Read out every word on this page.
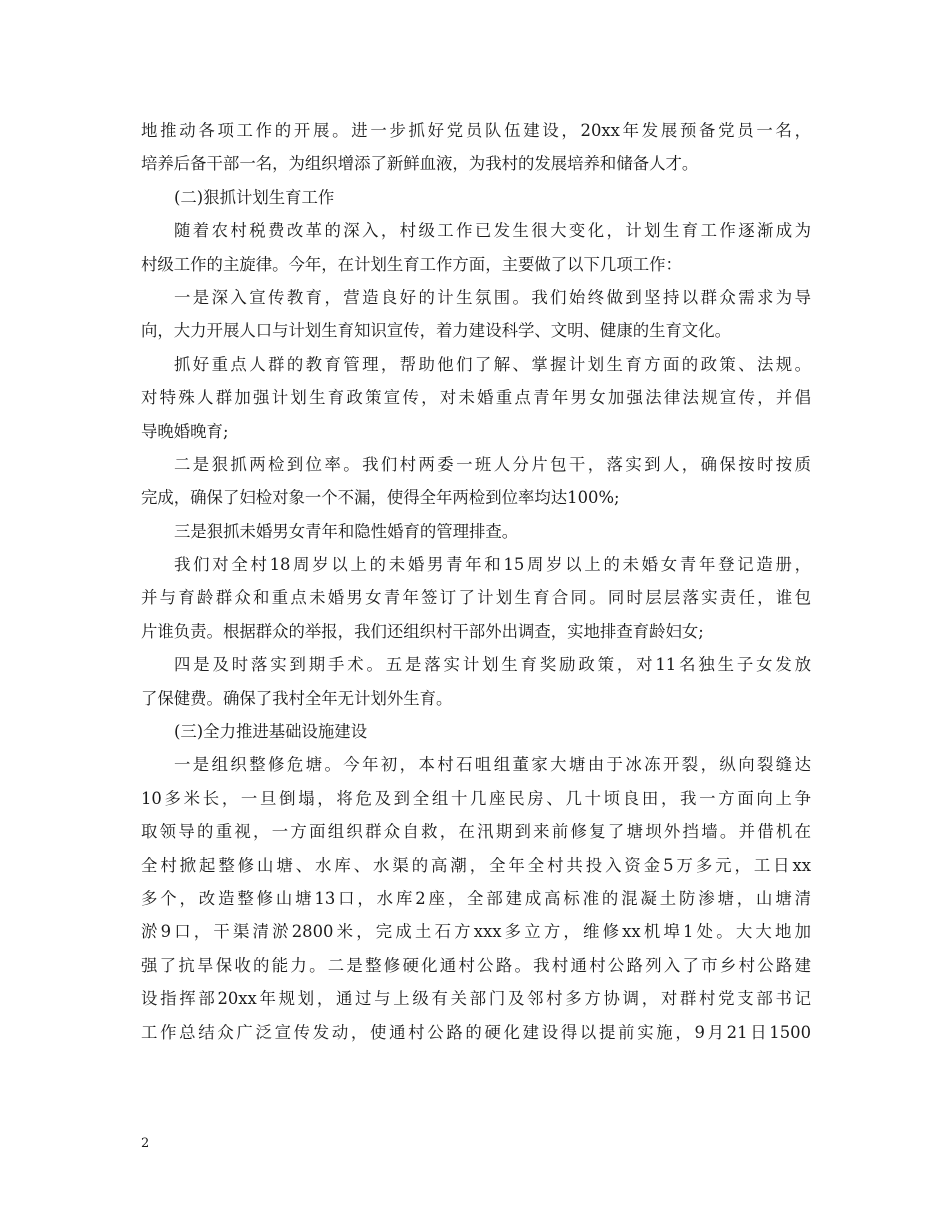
地推动各项工作的开展。进一步抓好党员队伍建设，20xx年发展预备党员一名，
培养后备干部一名，为组织增添了新鲜血液，为我村的发展培养和储备人才。
(二)狠抓计划生育工作
随着农村税费改革的深入，村级工作已发生很大变化，计划生育工作逐渐成为
村级工作的主旋律。今年，在计划生育工作方面，主要做了以下几项工作：
一是深入宣传教育，营造良好的计生氛围。我们始终做到坚持以群众需求为导
向，大力开展人口与计划生育知识宣传，着力建设科学、文明、健康的生育文化。
抓好重点人群的教育管理，帮助他们了解、掌握计划生育方面的政策、法规。
对特殊人群加强计划生育政策宣传，对未婚重点青年男女加强法律法规宣传，并倡
导晚婚晚育;
二是狠抓两检到位率。我们村两委一班人分片包干，落实到人，确保按时按质
完成，确保了妇检对象一个不漏，使得全年两检到位率均达100%;
三是狠抓未婚男女青年和隐性婚育的管理排查。
我们对全村18周岁以上的未婚男青年和15周岁以上的未婚女青年登记造册，
并与育龄群众和重点未婚男女青年签订了计划生育合同。同时层层落实责任，谁包
片谁负责。根据群众的举报，我们还组织村干部外出调查，实地排查育龄妇女;
四是及时落实到期手术。五是落实计划生育奖励政策，对11名独生子女发放
了保健费。确保了我村全年无计划外生育。
(三)全力推进基础设施建设
一是组织整修危塘。今年初，本村石咀组董家大塘由于冰冻开裂，纵向裂缝达
10多米长，一旦倒塌，将危及到全组十几座民房、几十顷良田，我一方面向上争
取领导的重视，一方面组织群众自救，在汛期到来前修复了塘坝外挡墙。并借机在
全村掀起整修山塘、水库、水渠的高潮，全年全村共投入资金5万多元，工日xx
多个，改造整修山塘13口，水库2座，全部建成高标准的混凝土防渗塘，山塘清
淤9口，干渠清淤2800米，完成土石方xxx多立方，维修xx机埠1处。大大地加
强了抗旱保收的能力。二是整修硬化通村公路。我村通村公路列入了市乡村公路建
设指挥部20xx年规划，通过与上级有关部门及邻村多方协调，对群村党支部书记
工作总结众广泛宣传发动，使通村公路的硬化建设得以提前实施，9月21日1500
2
